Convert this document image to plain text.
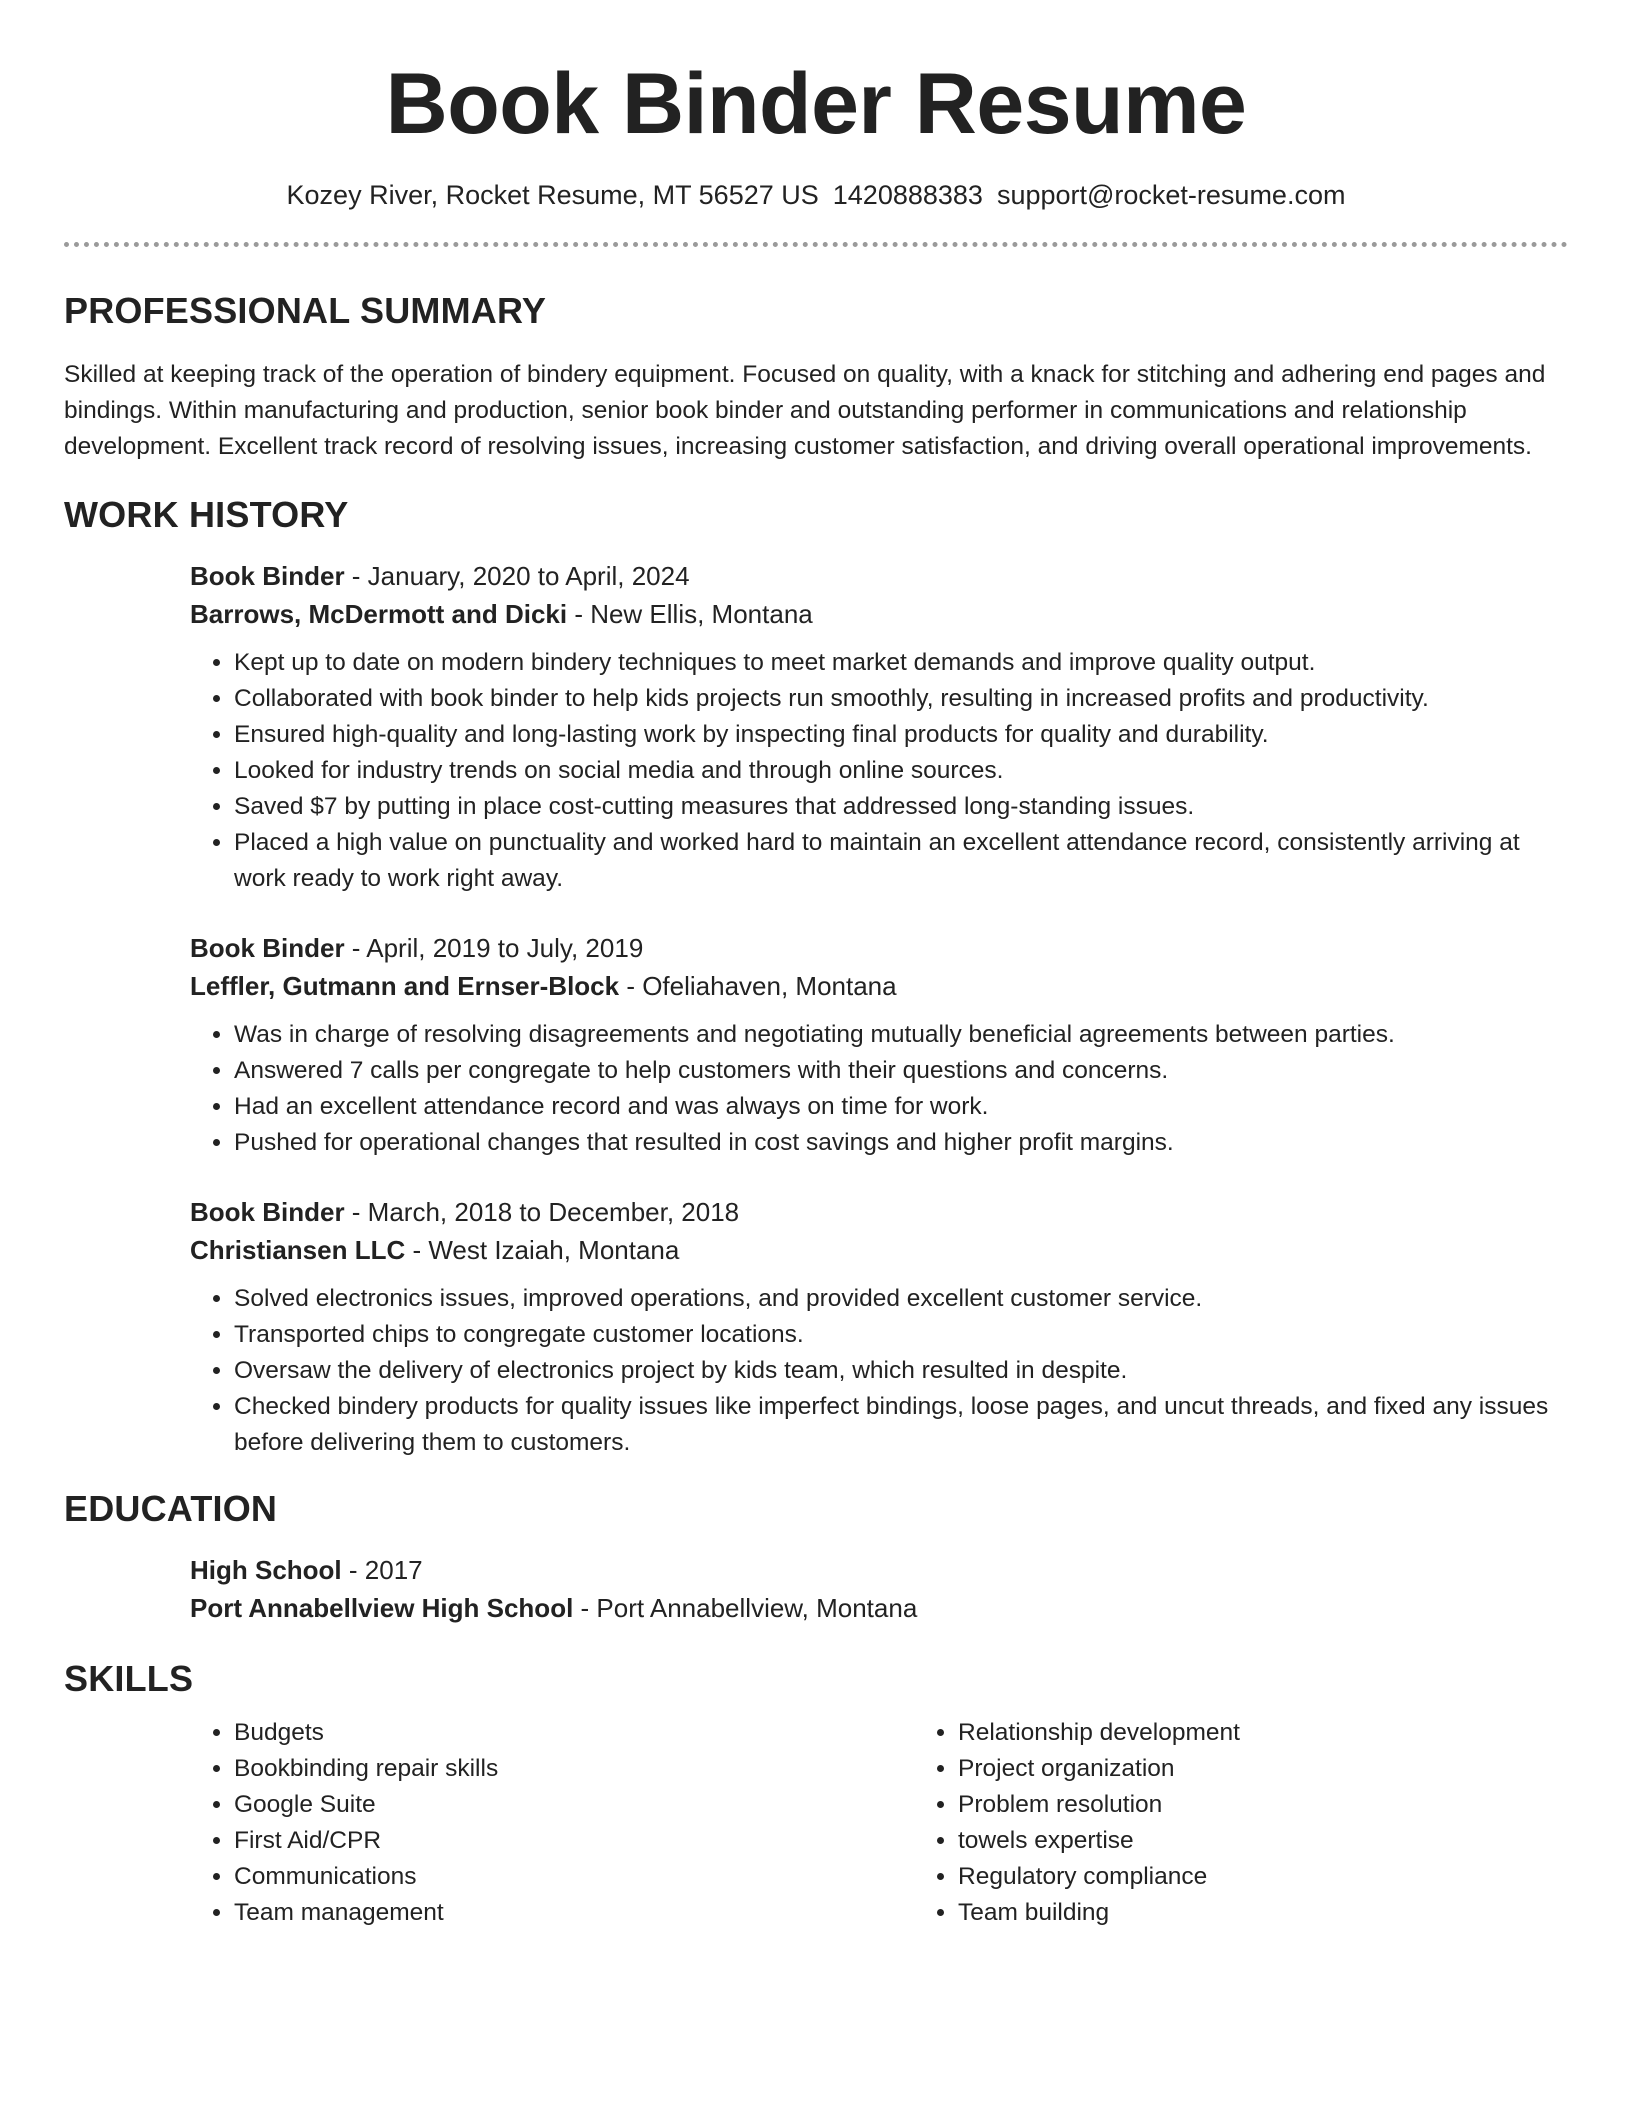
Book Binder Resume
Kozey River, Rocket Resume, MT 56527 US 1420888383 support@rocket-resume.com
PROFESSIONAL SUMMARY

Skilled at keeping track of the operation of bindery equipment. Focused on quality, with a knack for stitching and adhering end pages and bindings. Within manufacturing and production, senior book binder and outstanding performer in communications and relationship development. Excellent track record of resolving issues, increasing customer satisfaction, and driving overall operational improvements.

WORK HISTORY
Book Binder - January, 2020 to April, 2024
Barrows, McDermott and Dicki - New Ellis, Montana
• Kept up to date on modern bindery techniques to meet market demands and improve quality output.
• Collaborated with book binder to help kids projects run smoothly, resulting in increased profits and productivity.
• Ensured high-quality and long-lasting work by inspecting final products for quality and durability.
• Looked for industry trends on social media and through online sources.
• Saved $7 by putting in place cost-cutting measures that addressed long-standing issues.
• Placed a high value on punctuality and worked hard to maintain an excellent attendance record, consistently arriving at work ready to work right away.
Book Binder - April, 2019 to July, 2019
Leffler, Gutmann and Ernser-Block - Ofeliahaven, Montana
• Was in charge of resolving disagreements and negotiating mutually beneficial agreements between parties.
• Answered 7 calls per congregate to help customers with their questions and concerns.
• Had an excellent attendance record and was always on time for work.
• Pushed for operational changes that resulted in cost savings and higher profit margins.
Book Binder - March, 2018 to December, 2018
Christiansen LLC - West Izaiah, Montana
• Solved electronics issues, improved operations, and provided excellent customer service.
• Transported chips to congregate customer locations.
• Oversaw the delivery of electronics project by kids team, which resulted in despite.
• Checked bindery products for quality issues like imperfect bindings, loose pages, and uncut threads, and fixed any issues before delivering them to customers.
EDUCATION
High School - 2017
Port Annabellview High School - Port Annabellview, Montana
SKILLS
• Budgets
• Bookbinding repair skills
• Google Suite
• First Aid/CPR
• Communications
• Team management
• Relationship development
• Project organization
• Problem resolution
• towels expertise
• Regulatory compliance
• Team building
